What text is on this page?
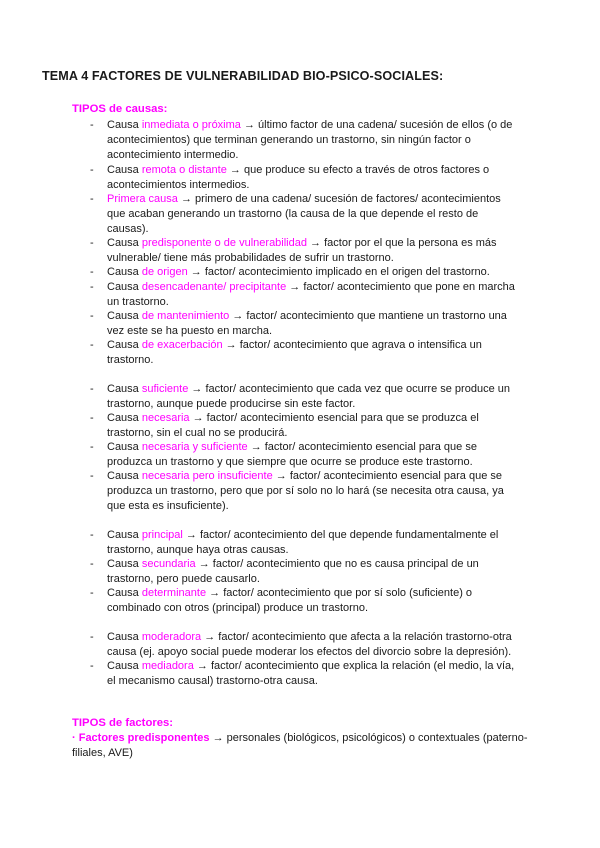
TEMA 4 FACTORES DE VULNERABILIDAD BIO-PSICO-SOCIALES:
TIPOS de causas:
- Causa inmediata o próxima → último factor de una cadena/ sucesión de ellos (o de acontecimientos) que terminan generando un trastorno, sin ningún factor o acontecimiento intermedio.
- Causa remota o distante → que produce su efecto a través de otros factores o acontecimientos intermedios.
- Primera causa → primero de una cadena/ sucesión de factores/ acontecimientos que acaban generando un trastorno (la causa de la que depende el resto de causas).
- Causa predisponente o de vulnerabilidad → factor por el que la persona es más vulnerable/ tiene más probabilidades de sufrir un trastorno.
- Causa de origen → factor/ acontecimiento implicado en el origen del trastorno.
- Causa desencadenante/ precipitante → factor/ acontecimiento que pone en marcha un trastorno.
- Causa de mantenimiento → factor/ acontecimiento que mantiene un trastorno una vez este se ha puesto en marcha.
- Causa de exacerbación → factor/ acontecimiento que agrava o intensifica un trastorno.
- Causa suficiente → factor/ acontecimiento que cada vez que ocurre se produce un trastorno, aunque puede producirse sin este factor.
- Causa necesaria → factor/ acontecimiento esencial para que se produzca el trastorno, sin el cual no se producirá.
- Causa necesaria y suficiente → factor/ acontecimiento esencial para que se produzca un trastorno y que siempre que ocurre se produce este trastorno.
- Causa necesaria pero insuficiente → factor/ acontecimiento esencial para que se produzca un trastorno, pero que por sí solo no lo hará (se necesita otra causa, ya que esta es insuficiente).
- Causa principal → factor/ acontecimiento del que depende fundamentalmente el trastorno, aunque haya otras causas.
- Causa secundaria → factor/ acontecimiento que no es causa principal de un trastorno, pero puede causarlo.
- Causa determinante → factor/ acontecimiento que por sí solo (suficiente) o combinado con otros (principal) produce un trastorno.
- Causa moderadora → factor/ acontecimiento que afecta a la relación trastorno-otra causa (ej. apoyo social puede moderar los efectos del divorcio sobre la depresión).
- Causa mediadora → factor/ acontecimiento que explica la relación (el medio, la vía, el mecanismo causal) trastorno-otra causa.
TIPOS de factores:
· Factores predisponentes → personales (biológicos, psicológicos) o contextuales (paterno-filiales, AVE)
